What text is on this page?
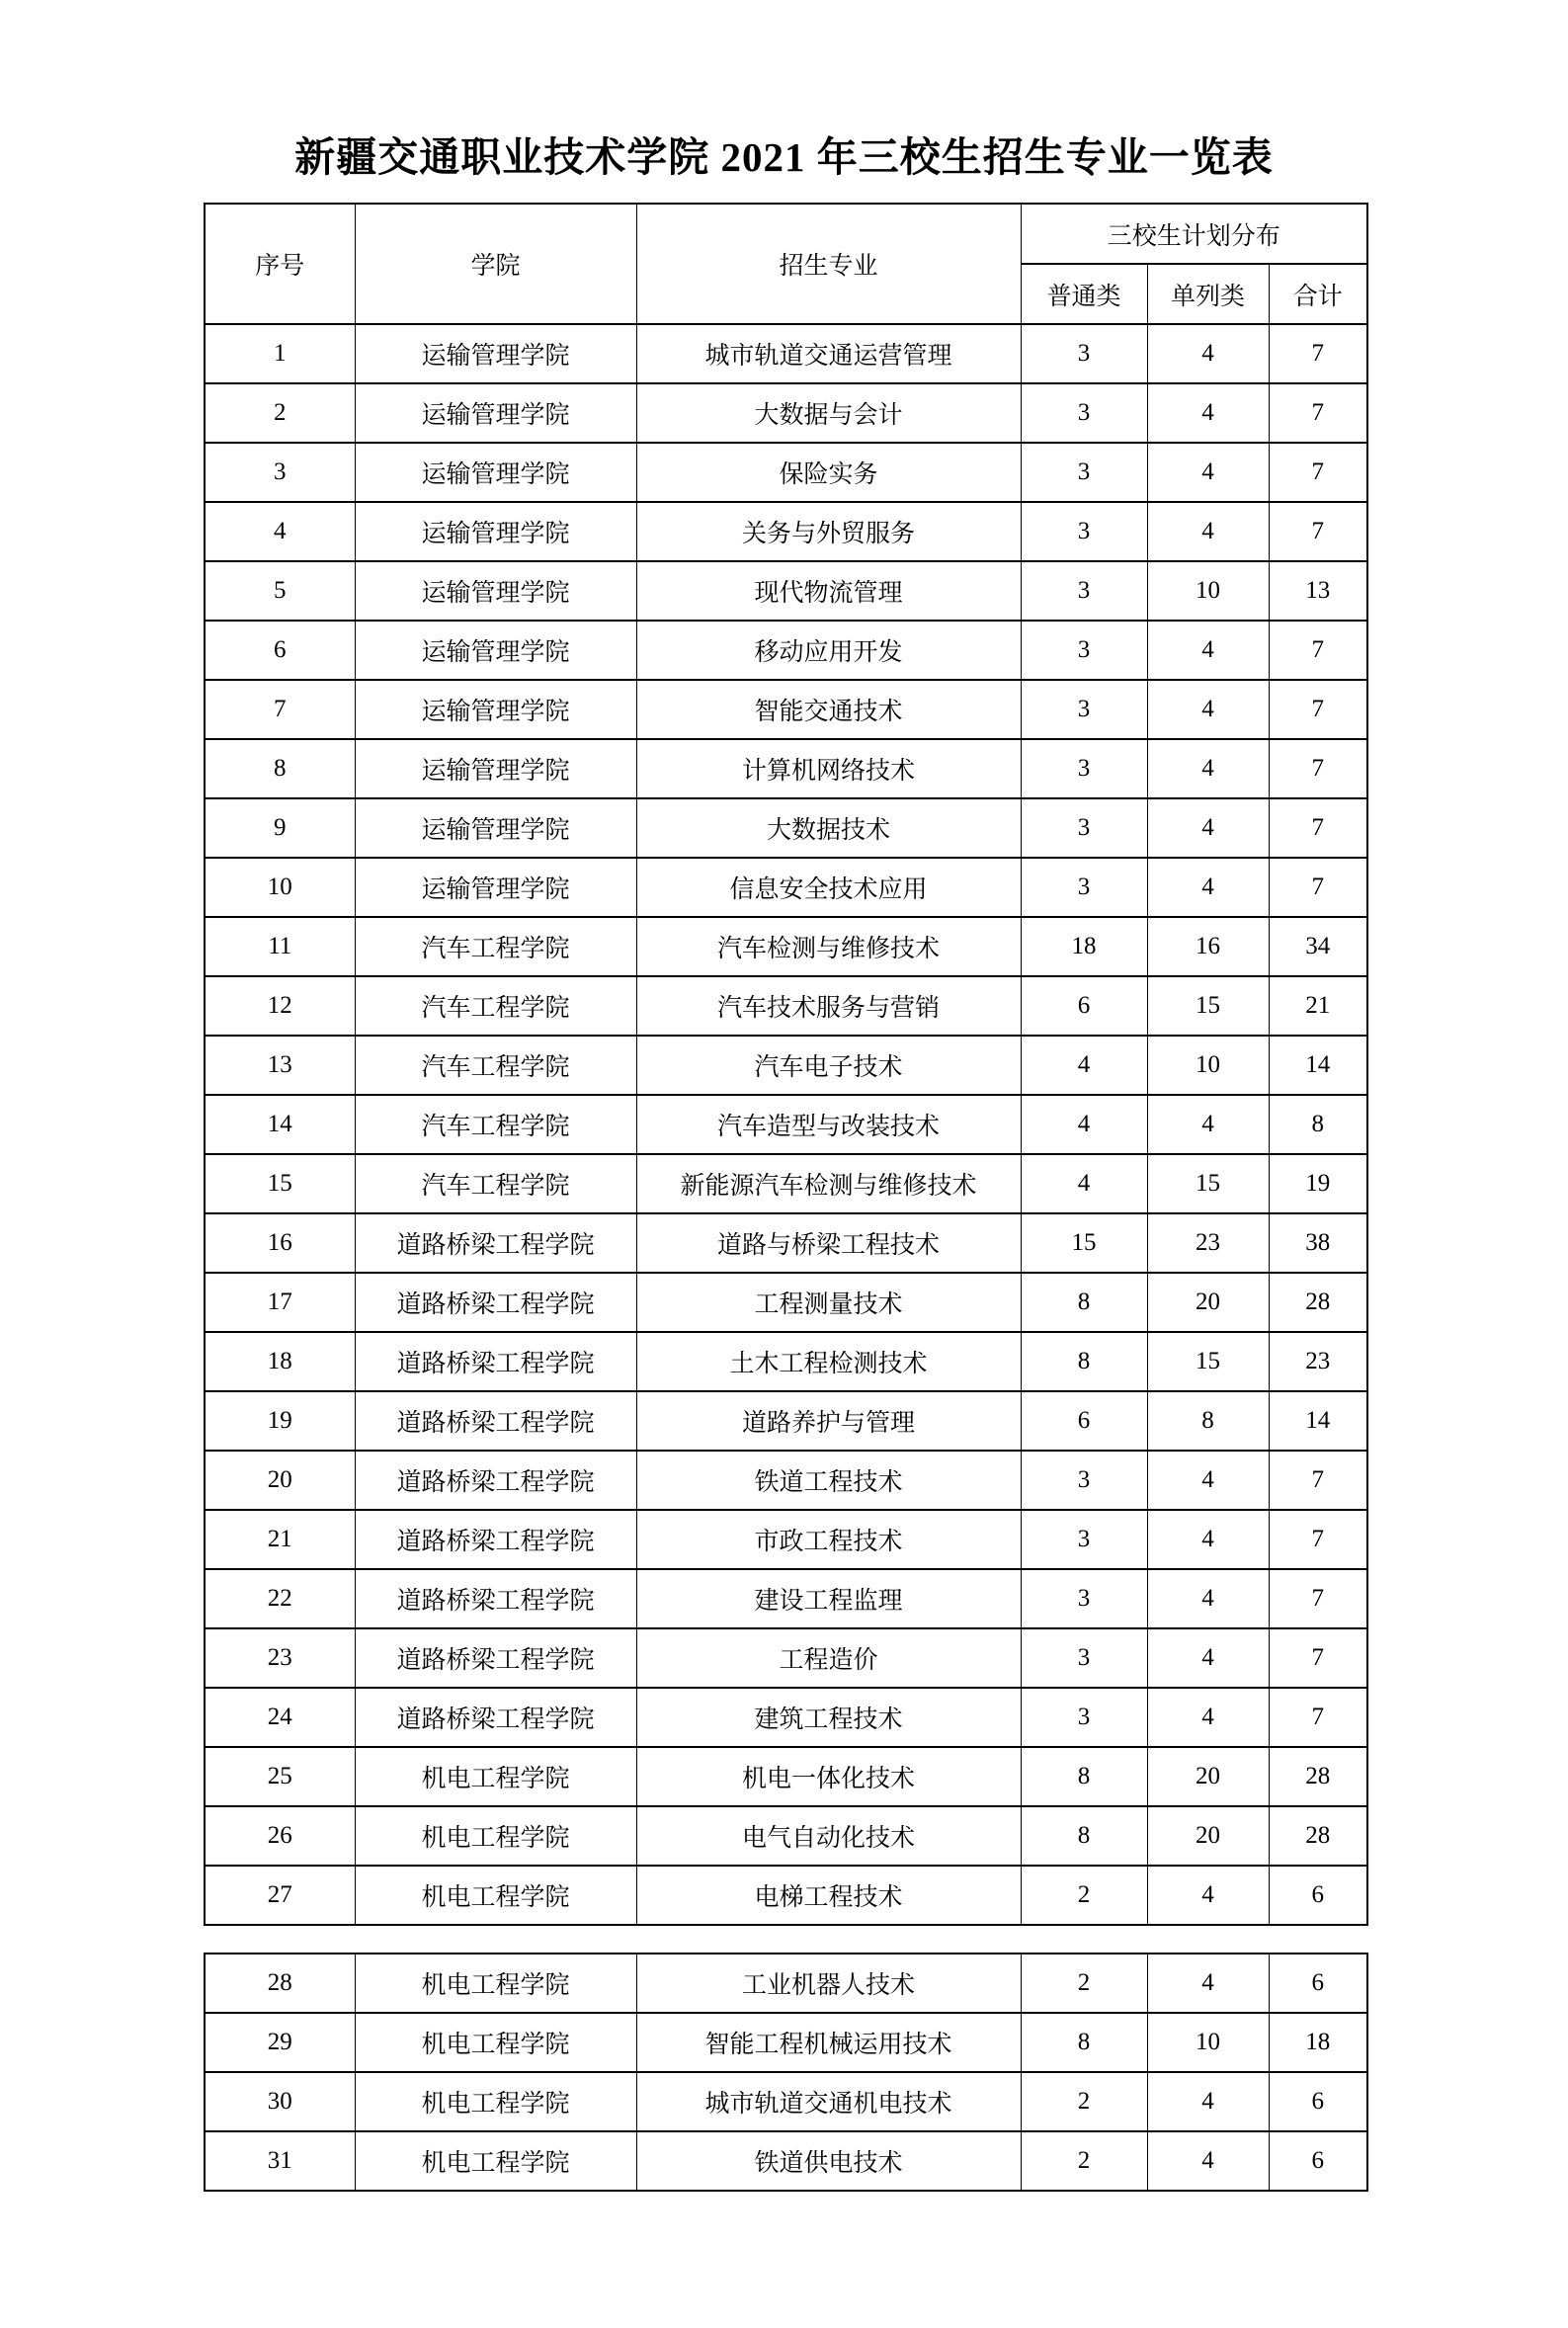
新疆交通职业技术学院 2021 年三校生招生专业一览表
序号	学院	招生专业	三校生计划分布		
			普通类	单列类	合计
1	运输管理学院	城市轨道交通运营管理	3	4	7
2	运输管理学院	大数据与会计	3	4	7
3	运输管理学院	保险实务	3	4	7
4	运输管理学院	关务与外贸服务	3	4	7
5	运输管理学院	现代物流管理	3	10	13
6	运输管理学院	移动应用开发	3	4	7
7	运输管理学院	智能交通技术	3	4	7
8	运输管理学院	计算机网络技术	3	4	7
9	运输管理学院	大数据技术	3	4	7
10	运输管理学院	信息安全技术应用	3	4	7
11	汽车工程学院	汽车检测与维修技术	18	16	34
12	汽车工程学院	汽车技术服务与营销	6	15	21
13	汽车工程学院	汽车电子技术	4	10	14
14	汽车工程学院	汽车造型与改装技术	4	4	8
15	汽车工程学院	新能源汽车检测与维修技术	4	15	19
16	道路桥梁工程学院	道路与桥梁工程技术	15	23	38
17	道路桥梁工程学院	工程测量技术	8	20	28
18	道路桥梁工程学院	土木工程检测技术	8	15	23
19	道路桥梁工程学院	道路养护与管理	6	8	14
20	道路桥梁工程学院	铁道工程技术	3	4	7
21	道路桥梁工程学院	市政工程技术	3	4	7
22	道路桥梁工程学院	建设工程监理	3	4	7
23	道路桥梁工程学院	工程造价	3	4	7
24	道路桥梁工程学院	建筑工程技术	3	4	7
25	机电工程学院	机电一体化技术	8	20	28
26	机电工程学院	电气自动化技术	8	20	28
27	机电工程学院	电梯工程技术	2	4	6
28	机电工程学院	工业机器人技术	2	4	6
29	机电工程学院	智能工程机械运用技术	8	10	18
30	机电工程学院	城市轨道交通机电技术	2	4	6
31	机电工程学院	铁道供电技术	2	4	6
